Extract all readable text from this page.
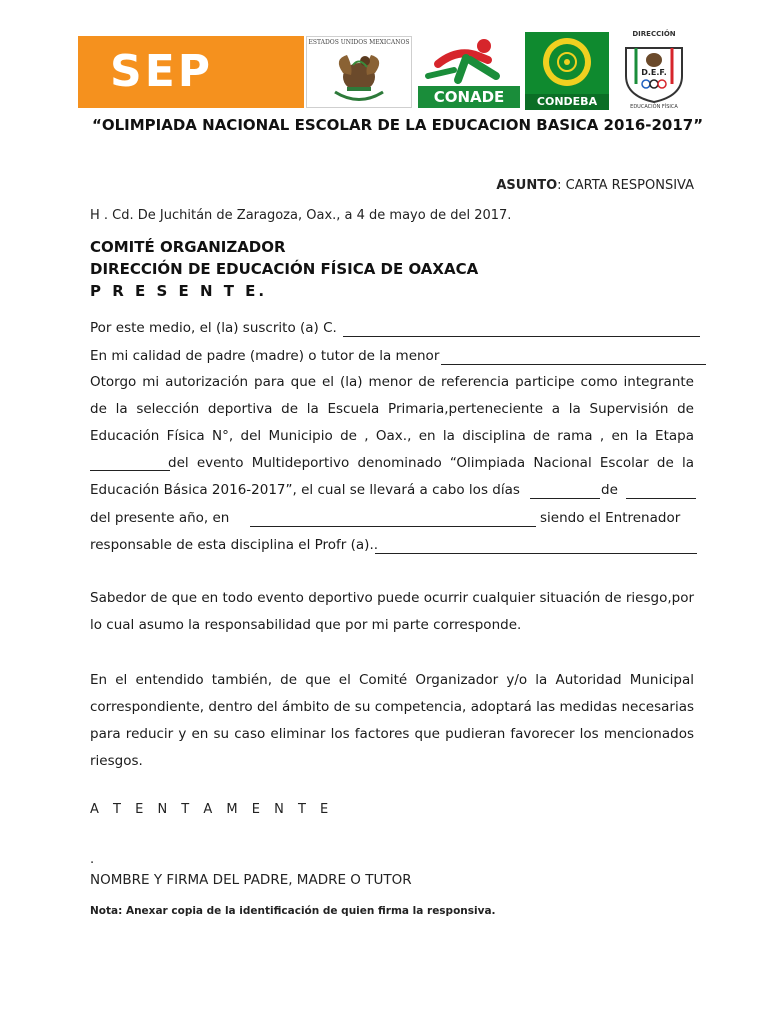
SEP
ESTADOS UNIDOS MEXICANOS
CONADE	CONDEBA
DIRECCIÓN
D.E.F.
EDUCACIÓN FÍSICA
“OLIMPIADA NACIONAL ESCOLAR DE LA EDUCACION BASICA 2016-2017”
ASUNTO: CARTA RESPONSIVA
H . Cd. De Juchitán de Zaragoza, Oax., a 4 de mayo de del 2017.
COMITÉ ORGANIZADOR
DIRECCIÓN DE EDUCACIÓN FÍSICA DE OAXACA
P R E S E N T E.
Por este medio, el (la) suscrito (a) C.
En mi calidad de padre (madre) o tutor de la menor
Otorgo mi autorización para que el (la) menor de referencia participe como integrante
de la selección deportiva de la Escuela Primaria,perteneciente a la Supervisión de
Educación Física N°, del Municipio de , Oax., en la disciplina de rama , en la Etapa
del evento Multideportivo denominado “Olimpiada Nacional Escolar de la
Educación Básica 2016-2017”, el cual se llevará a cabo los días	de
del presente año, en	siendo el Entrenador
responsable de esta disciplina el Profr (a)..
Sabedor de que en todo evento deportivo puede ocurrir cualquier situación de riesgo,por
lo cual asumo la responsabilidad que por mi parte corresponde.
En el entendido también, de que el Comité Organizador y/o la Autoridad Municipal
correspondiente, dentro del ámbito de su competencia, adoptará las medidas necesarias
para reducir y en su caso eliminar los factores que pudieran favorecer los mencionados
riesgos.
A T E N T A M E N T E
.
NOMBRE Y FIRMA DEL PADRE, MADRE O TUTOR
Nota: Anexar copia de la identificación de quien firma la responsiva.
